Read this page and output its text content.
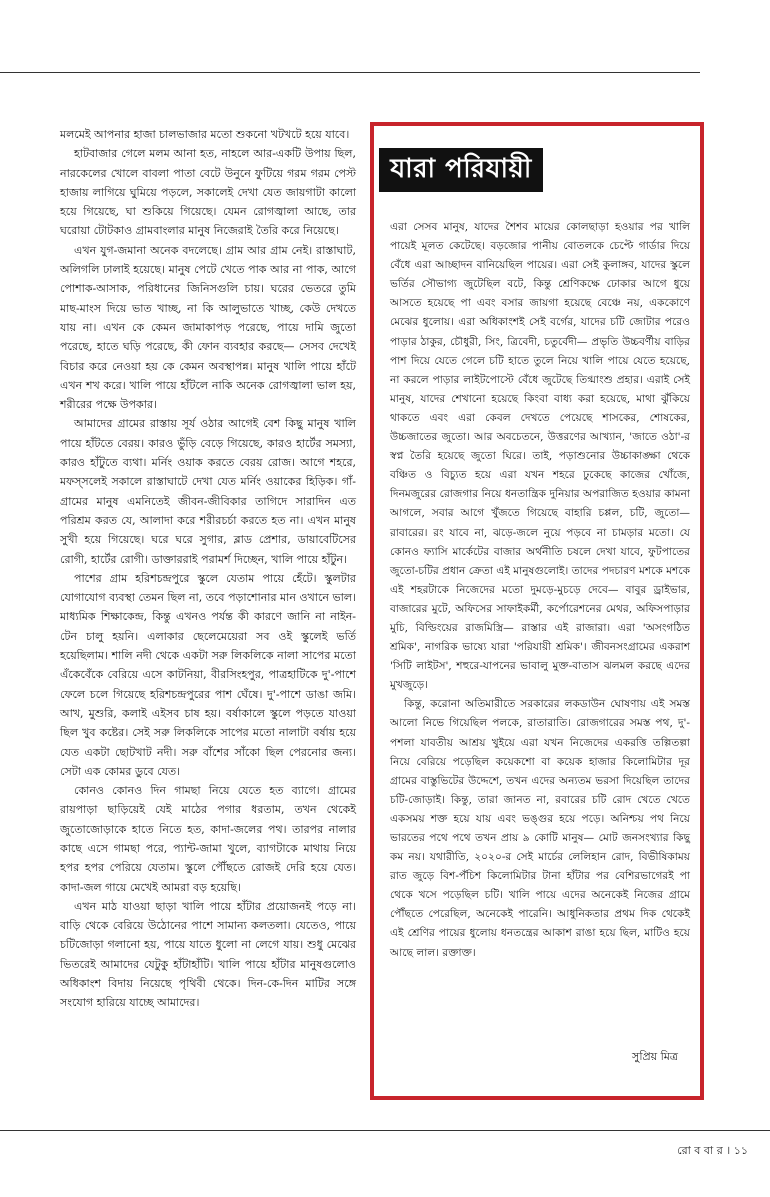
মলমেই আপনার হাজা চালভাজার মতো শুকনো খটখটে হয়ে যাবে।

হাটবাজার গেলে মলম আনা হত, নাহলে আর-একটি উপায় ছিল, নারকেলের খোলে বাবলা পাতা বেটে উনুনে ফুটিয়ে গরম গরম পেস্ট হাজায় লাগিয়ে ঘুমিয়ে পড়লে, সকালেই দেখা যেত জায়গাটা কালো হয়ে গিয়েছে, ঘা শুকিয়ে গিয়েছে। যেমন রোগজ্বালা আছে, তার ঘরোয়া টোটকাও গ্রামবাংলার মানুষ নিজেরাই তৈরি করে নিয়েছে।

এখন যুগ-জমানা অনেক বদলেছে। গ্রাম আর গ্রাম নেই। রাস্তাঘাট, অলিগলি ঢালাই হয়েছে। মানুষ পেটে খেতে পাক আর না পাক, আগে পোশাক-আসাক, পরিধানের জিনিসগুলি চায়। ঘরের ভেতরে তুমি মাছ-মাংস দিয়ে ভাত খাচ্ছ, না কি আলুভাতে খাচ্ছ, কেউ দেখতে যায় না। এখন কে কেমন জামাকাপড় পরেছে, পায়ে দামি জুতো পরেছে, হাতে ঘড়ি পরেছে, কী ফোন ব্যবহার করছে— সেসব দেখেই বিচার করে নেওয়া হয় কে কেমন অবস্থাপন্ন। মানুষ খালি পায়ে হাঁটে এখন শখ করে। খালি পায়ে হাঁটলে নাকি অনেক রোগজ্বালা ভাল হয়, শরীরের পক্ষে উপকার।

আমাদের গ্রামের রাস্তায় সূর্য ওঠার আগেই বেশ কিছু মানুষ খালি পায়ে হাঁটতে বেরয়। কারও ভুঁড়ি বেড়ে গিয়েছে, কারও হার্টের সমস্যা, কারও হাঁটুতে ব্যথা। মর্নিং ওয়াক করতে বেরয় রোজ। আগে শহরে, মফস্‌সলেই সকালে রাস্তাঘাটে দেখা যেত মর্নিং ওয়াকের হিড়িক। গাঁ-গ্রামের মানুষ এমনিতেই জীবন-জীবিকার তাগিদে সারাদিন এত পরিশ্রম করত যে, আলাদা করে শরীরচর্চা করতে হত না। এখন মানুষ সুখী হয়ে গিয়েছে। ঘরে ঘরে সুগার, ব্লাড প্রেশার, ডায়াবেটিসের রোগী, হার্টের রোগী। ডাক্তাররাই পরামর্শ দিচ্ছেন, খালি পায়ে হাঁটুন।

পাশের গ্রাম হরিশচন্দ্রপুরে স্কুলে যেতাম পায়ে হেঁটে। স্কুলটার যোগাযোগ ব্যবস্থা তেমন ছিল না, তবে পড়াশোনার মান ওখানে ভাল। মাধ্যমিক শিক্ষাকেন্দ্র, কিন্তু এখনও পর্যন্ত কী কারণে জানি না নাইন-টেন চালু হয়নি। এলাকার ছেলেমেয়েরা সব ওই স্কুলেই ভর্তি হয়েছিলাম। শালি নদী থেকে একটা সরু লিকলিকে নালা সাপের মতো এঁকেবেঁকে বেরিয়ে এসে কাটনিয়া, বীরসিংহপুর, পাত্রহাটিকে দু'-পাশে ফেলে চলে গিয়েছে হরিশচন্দ্রপুরের পাশ ঘেঁষে। দু'-পাশে ডাঙা জমি। আখ, মুশুরি, কলাই এইসব চাষ হয়। বর্ষাকালে স্কুলে পড়তে যাওয়া ছিল খুব কষ্টের। সেই সরু লিকলিকে সাপের মতো নালাটা বর্ষায় হয়ে যেত একটা ছোটখাট নদী। সরু বাঁশের সাঁকো ছিল পেরনোর জন্য। সেটা এক কোমর ডুবে যেত।

কোনও কোনও দিন গামছা নিয়ে যেতে হত ব্যাগে। গ্রামের রায়পাড়া ছাড়িয়েই যেই মাঠের পগার ধরতাম, তখন থেকেই জুতোজোড়াকে হাতে নিতে হত, কাদা-জলের পথ। তারপর নালার কাছে এসে গামছা পরে, প্যান্ট-জামা খুলে, ব্যাগটাকে মাথায় নিয়ে হপর হপর পেরিয়ে যেতাম। স্কুলে পৌঁছতে রোজই দেরি হয়ে যেত। কাদা-জল গায়ে মেখেই আমরা বড় হয়েছি।

এখন মাঠ যাওয়া ছাড়া খালি পায়ে হাঁটার প্রয়োজনই পড়ে না। বাড়ি থেকে বেরিয়ে উঠোনের পাশে সামান্য কলতলা। যেতেও, পায়ে চটিজোড়া গলানো হয়, পায়ে যাতে ধুলো না লেগে যায়। শুধু মেঝের ভিতরেই আমাদের যেটুকু হাঁটাহাঁটি। খালি পায়ে হাঁটার মানুষগুলোও অধিকাংশ বিদায় নিয়েছে পৃথিবী থেকে। দিন-কে-দিন মাটির সঙ্গে সংযোগ হারিয়ে যাচ্ছে আমাদের।

যারা পরিযায়ী

এরা সেসব মানুষ, যাদের শৈশব মায়ের কোলছাড়া হওয়ার পর খালি পায়েই মূলত কেটেছে। বড়জোর পানীয় বোতলকে চেপ্টে গার্ডার দিয়ে বেঁধে এরা আচ্ছাদন বানিয়েছিল পায়ের। এরা সেই কুলাঙ্গব, যাদের স্কুলে ভর্তির সৌভাগ্য জুটেছিল বটে, কিন্তু শ্রেণিকক্ষে ঢোকার আগে ধুয়ে আসতে হয়েছে পা এবং বসার জায়গা হয়েছে বেঞ্চে নয়, এককোণে মেঝের ধুলোয়। এরা অধিকাংশই সেই বর্গের, যাদের চটি জোটার পরেও পাড়ার ঠাকুর, চৌধুরী, সিং, ত্রিবেদী, চতুর্বেদী— প্রভৃতি উচ্চবর্ণীয় বাড়ির পাশ দিয়ে যেতে গেলে চটি হাতে তুলে নিয়ে খালি পায়ে যেতে হয়েছে, না করলে পাড়ার লাইটপোস্টে বেঁধে জুটেছে তিগ্মাংশু প্রহার। এরাই সেই মানুষ, যাদের শেখানো হয়েছে কিংবা বাধ্য করা হয়েছে, মাথা ঝুঁকিয়ে থাকতে এবং এরা কেবল দেখতে পেয়েছে শাসকের, শোষকের, উচ্চজাতের জুতো। আর অবচেতনে, উত্তরণের আখ্যান, 'জাতে ওঠা'-র স্বপ্ন তৈরি হয়েছে জুতো ঘিরে। তাই, পড়াশুনোর উচ্চাকাঙ্ক্ষা থেকে বঞ্চিত ও বিচ্যুত হয়ে এরা যখন শহরে ঢুকেছে কাজের খোঁজে, দিনমজুরের রোজগার নিয়ে ধনতান্ত্রিক দুনিয়ার অপরাজিত হওয়ার কামনা আগলে, সবার আগে খুঁজতে গিয়েছে বাহারি চপ্পল, চটি, জুতো— রাবারের। রং যাবে না, ঝড়ে-জলে নুয়ে পড়বে না চামড়ার মতো। যে কোনও ফ্যাসি মার্কেটের বাজার অর্থনীতি চষলে দেখা যাবে, ফুটপাতের জুতো-চটির প্রধান ক্রেতা এই মানুষগুলোই। তাদের পদচারণ মশকে মশকে এই শহরটাকে নিজেদের মতো দুমড়ে-মুচড়ে দেবে— বাবুর ড্রাইভার, বাজারের মুটে, অফিসের সাফাইকর্মী, কর্পোরেশনের মেথর, অফিসপাড়ার মুচি, বিল্ডিংয়ের রাজমিস্ত্রি— রাস্তার এই রাজারা। এরা 'অসংগঠিত শ্রমিক', নাগরিক ভাষ্যে যারা 'পরিযায়ী শ্রমিক'। জীবনসংগ্রামের একরাশ 'সিটি লাইটস', শহুরে-যাপনের ভাবালু মুক্ত-বাতাস ঝলমল করছে এদের মুখজুড়ে।

কিন্তু, করোনা অতিমারীতে সরকারের লকডাউন ঘোষণায় এই সমস্ত আলো নিভে গিয়েছিল পলকে, রাতারাতি। রোজগারের সমস্ত পথ, দু'-পশলা যাবতীয় আশ্রয় খুইয়ে এরা যখন নিজেদের একরত্তি তল্পিতল্পা নিয়ে বেরিয়ে পড়েছিল কয়েকশো বা কয়েক হাজার কিলোমিটার দূর গ্রামের বাস্তুভিটের উদ্দেশে, তখন এদের অন্যতম ভরসা দিয়েছিল তাদের চটি-জোড়াই। কিন্তু, তারা জানত না, রবারের চটি রোদ খেতে খেতে একসময় শক্ত হয়ে যায় এবং ভঙ্গুর হয়ে পড়ে। অনিশ্চয় পথ নিয়ে ভারতের পথে পথে তখন প্রায় ৯ কোটি মানুষ— মোট জনসংখ্যার কিছু কম নয়। যথারীতি, ২০২০-র সেই মার্চের লেলিহান রোদ, বিভীষিকাময় রাত জুড়ে বিশ-পঁচিশ কিলোমিটার টানা হাঁটার পর বেশিরভাগেরই পা থেকে খসে পড়েছিল চটি। খালি পায়ে এদের অনেকেই নিজের গ্রামে পৌঁছতে পেরেছিল, অনেকেই পারেনি। আধুনিকতার প্রথম দিক থেকেই এই শ্রেণির পায়ের ধুলোয় ধনতন্ত্রের আকাশ রাঙা হয়ে ছিল, মাটিও হয়ে আছে লাল। রক্তাক্ত।

সুপ্রিয় মিত্র
রো ব বা র । ১১
